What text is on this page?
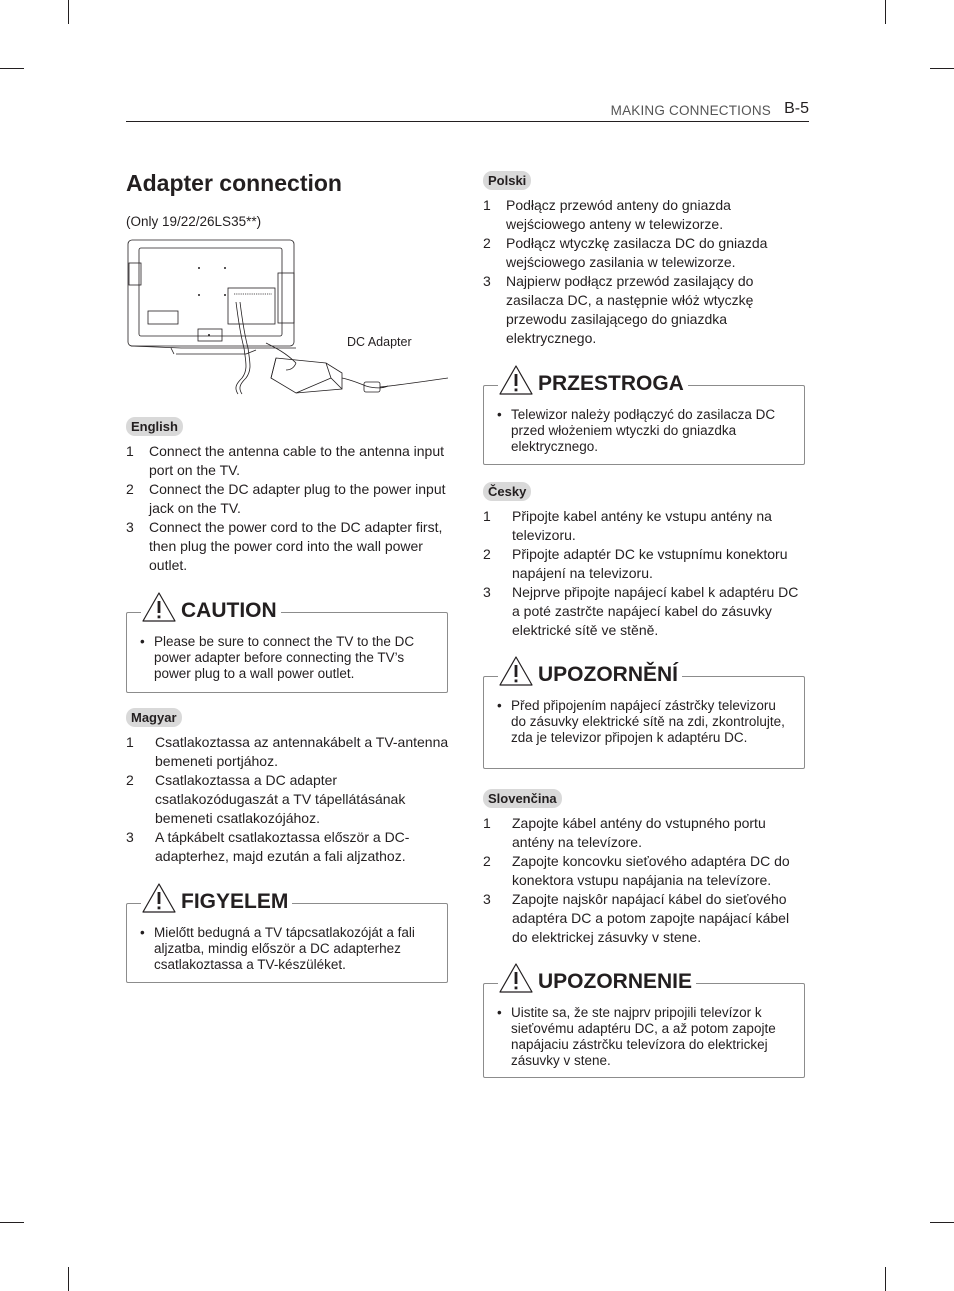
MAKING CONNECTIONS B-5
Adapter connection
(Only 19/22/26LS35**)
DC Adapter
English
1	Connect the antenna cable to the antenna input port on the TV.
2	Connect the DC adapter plug to the power input jack on the TV.
3	Connect the power cord to the DC adapter first, then plug the power cord into the wall power outlet.
CAUTION
• Please be sure to connect the TV to the DC power adapter before connecting the TV’s power plug to a wall power outlet.
Magyar
1	Csatlakoztassa az antennakábelt a TV-antenna bemeneti portjához.
2	Csatlakoztassa a DC adapter csatlakozódugaszát a TV tápellátásának bemeneti csatlakozójához.
3	A tápkábelt csatlakoztassa először a DC-adapterhez, majd ezután a fali aljzathoz.
FIGYELEM
• Mielőtt bedugná a TV tápcsatlakozóját a fali aljzatba, mindig először a DC adapterhez csatlakoztassa a TV-készüléket.
Polski
1	Podłącz przewód anteny do gniazda wejściowego anteny w telewizorze.
2	Podłącz wtyczkę zasilacza DC do gniazda wejściowego zasilania w telewizorze.
3	Najpierw podłącz przewód zasilający do zasilacza DC, a następnie włóż wtyczkę przewodu zasilającego do gniazdka elektrycznego.
PRZESTROGA
• Telewizor należy podłączyć do zasilacza DC przed włożeniem wtyczki do gniazdka elektrycznego.
Česky
1	Připojte kabel antény ke vstupu antény na televizoru.
2	Připojte adaptér DC ke vstupnímu konektoru napájení na televizoru.
3	Nejprve připojte napájecí kabel k adaptéru DC a poté zastrčte napájecí kabel do zásuvky elektrické sítě ve stěně.
UPOZORNĚNÍ
• Před připojením napájecí zástrčky televizoru do zásuvky elektrické sítě na zdi, zkontrolujte, zda je televizor připojen k adaptéru DC.
Slovenčina
1	Zapojte kábel antény do vstupného portu antény na televízore.
2	Zapojte koncovku sieťového adaptéra DC do konektora vstupu napájania na televízore.
3	Zapojte najskôr napájací kábel do sieťového adaptéra DC a potom zapojte napájací kábel do elektrickej zásuvky v stene.
UPOZORNENIE
• Uistite sa, že ste najprv pripojili televízor k sieťovému adaptéru DC, a až potom zapojte napájaciu zástrčku televízora do elektrickej zásuvky v stene.
